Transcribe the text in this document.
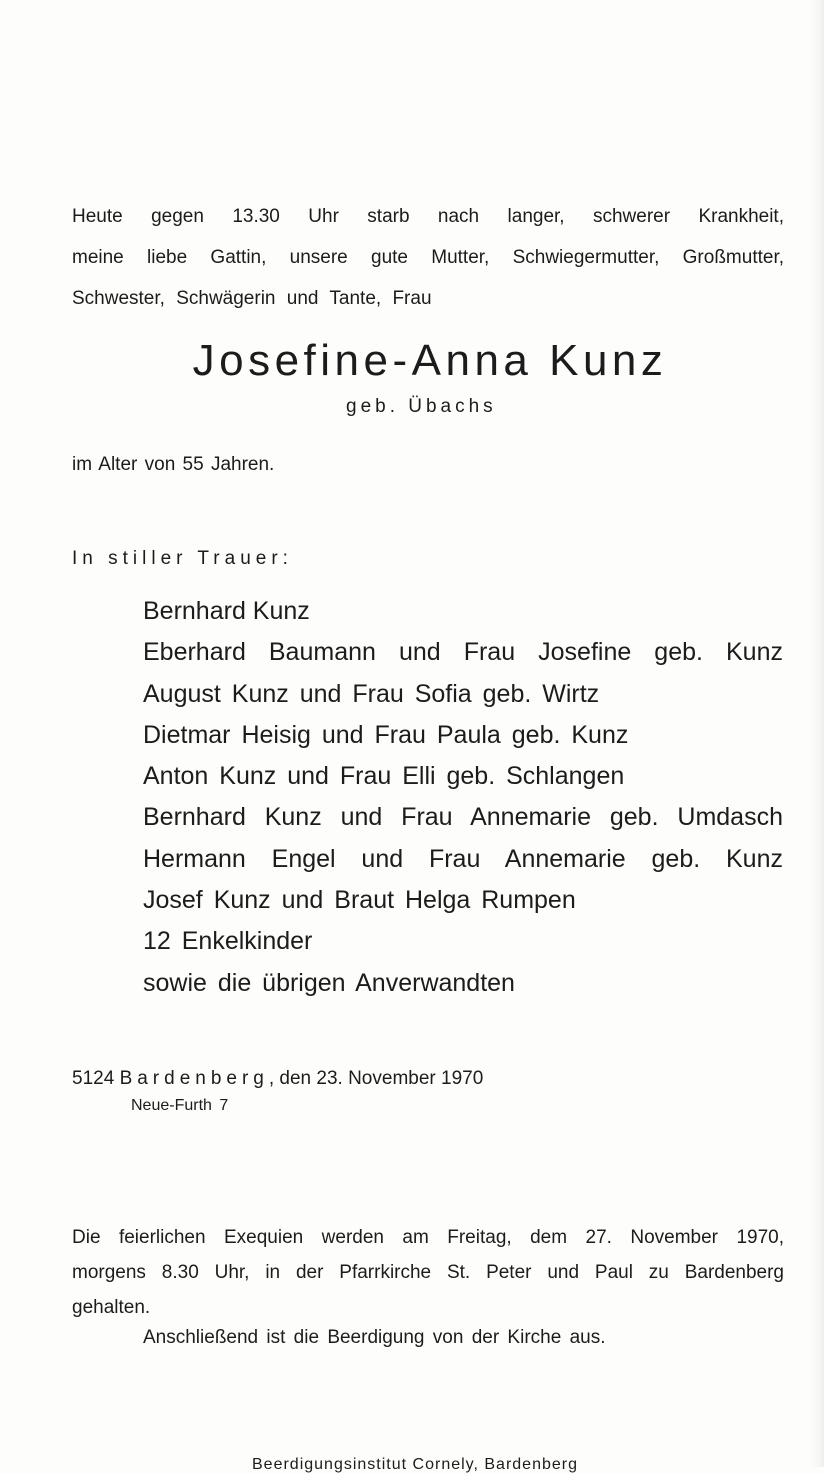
Heute gegen 13.30 Uhr starb nach langer, schwerer Krankheit,
meine liebe Gattin, unsere gute Mutter, Schwiegermutter, Großmutter,
Schwester, Schwägerin und Tante, Frau

Josefine-Anna Kunz
geb. Übachs
im Alter von 55 Jahren.
In stiller Trauer:
Bernhard Kunz
Eberhard Baumann und Frau Josefine geb. Kunz
August Kunz und Frau Sofia geb. Wirtz
Dietmar Heisig und Frau Paula geb. Kunz
Anton Kunz und Frau Elli geb. Schlangen
Bernhard Kunz und Frau Annemarie geb. Umdasch
Hermann Engel und Frau Annemarie geb. Kunz
Josef Kunz und Braut Helga Rumpen
12 Enkelkinder
sowie die übrigen Anverwandten
5124 Bardenberg, den 23. November 1970
Neue-Furth 7

Die feierlichen Exequien werden am Freitag, dem 27. November 1970,
morgens 8.30 Uhr, in der Pfarrkirche St. Peter und Paul zu Bardenberg
gehalten.

Anschließend ist die Beerdigung von der Kirche aus.
Beerdigungsinstitut Cornely, Bardenberg
